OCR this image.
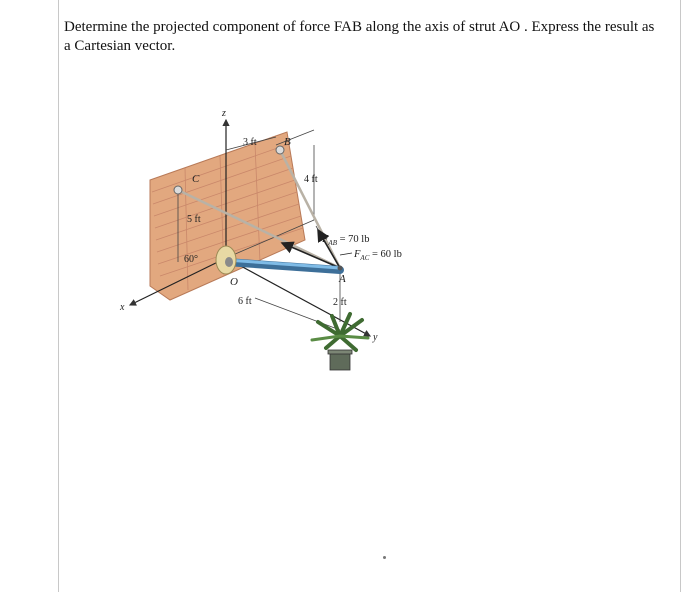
Determine the projected component of force FAB along the axis of strut AO . Express the result as a Cartesian vector.

z
x
y
C
B
O	A
3 ft
4 ft
5 ft
6 ft	2 ft
60°
$F_{AB} = 70$ lb
$F_{AC} = 60$ lb
